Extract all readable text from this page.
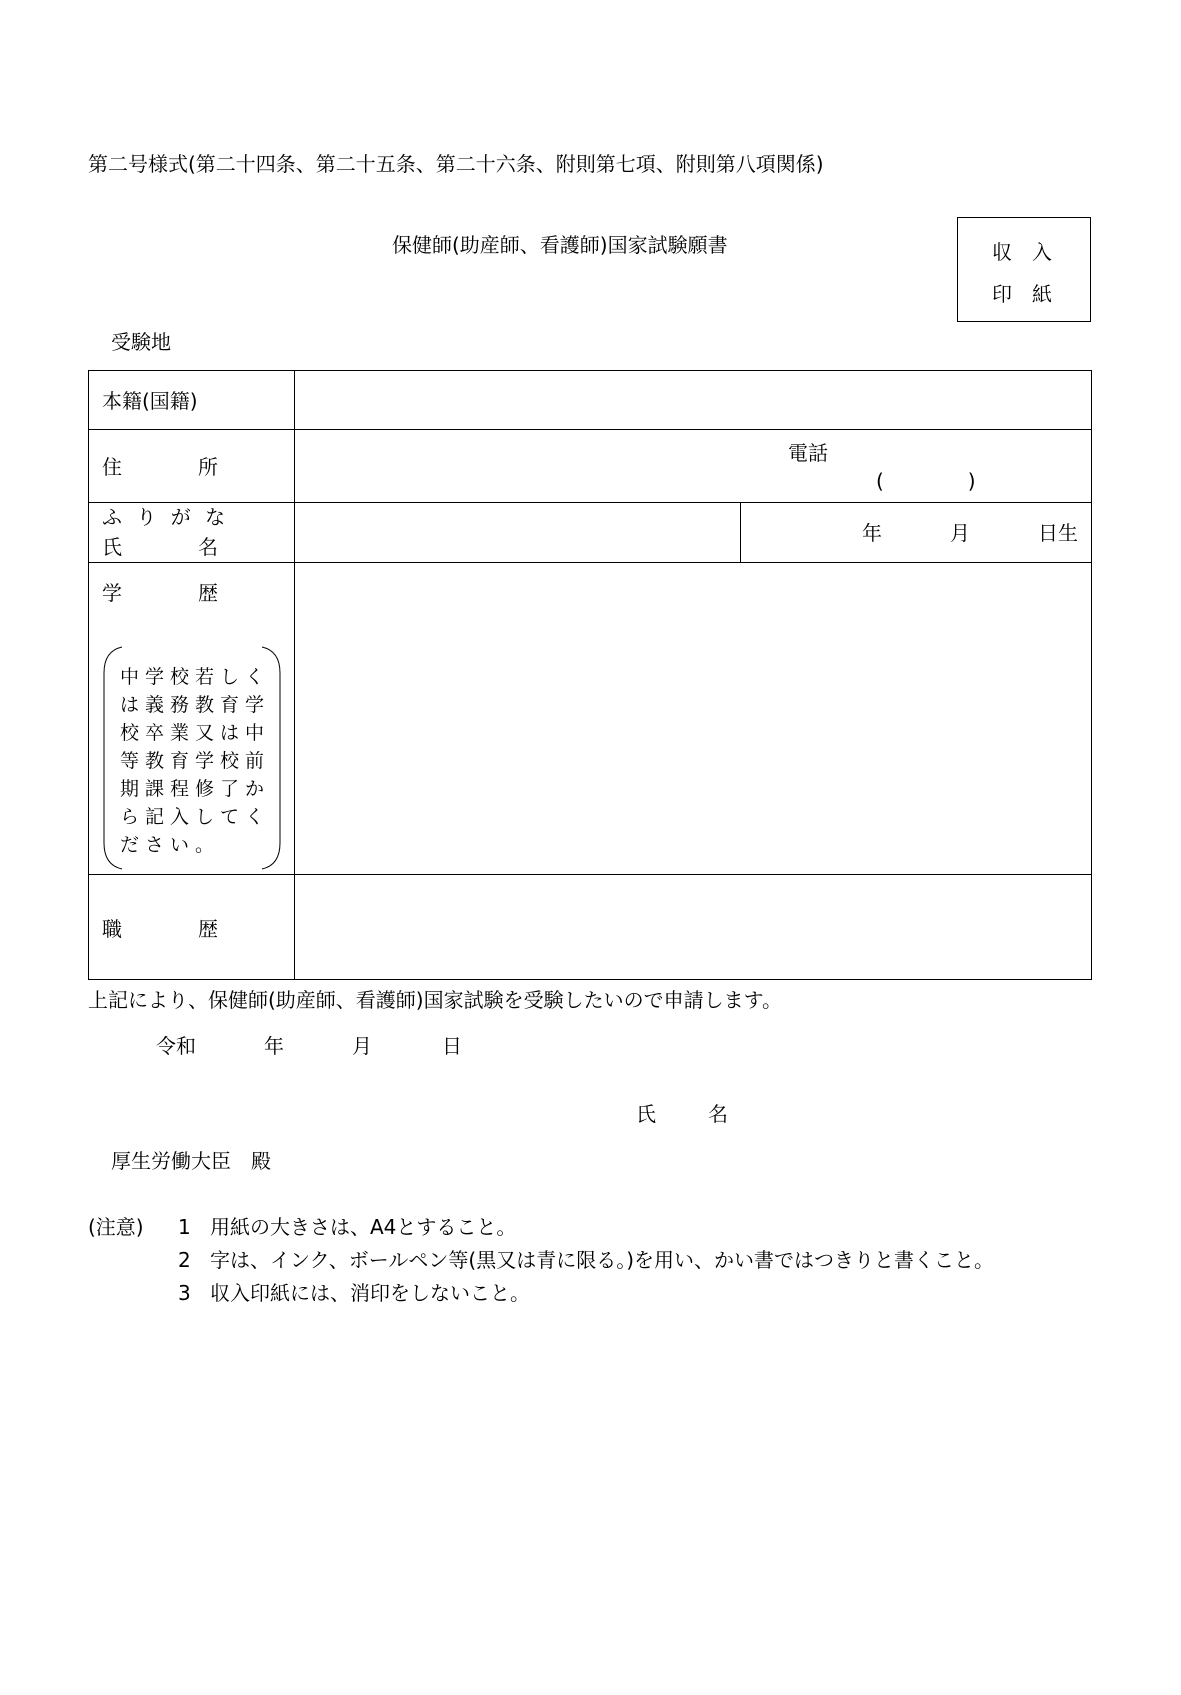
第二号様式(第二十四条、第二十五条、第二十六条、附則第七項、附則第八項関係)
保健師(助産師、看護師)国家試験願書	収　入
印　紙
受験地
本籍(国籍)
住　　　所
電話
(　　　)
ふ り が な
氏　　　名
年	月	日生
学　　　歴
中学校若しく
は義務教育学
校卒業又は中
等教育学校前
期課程修了か
ら記入してく
ださい。
職　　　歴
上記により、保健師(助産師、看護師)国家試験を受験したいので申請します。
令和	年	月	日
氏　　名
厚生労働大臣　殿
(注意) 1 用紙の大きさは、A4とすること。
2 字は、インク、ボールペン等(黒又は青に限る。)を用い、かい書ではつきりと書くこと。
3 収入印紙には、消印をしないこと。
